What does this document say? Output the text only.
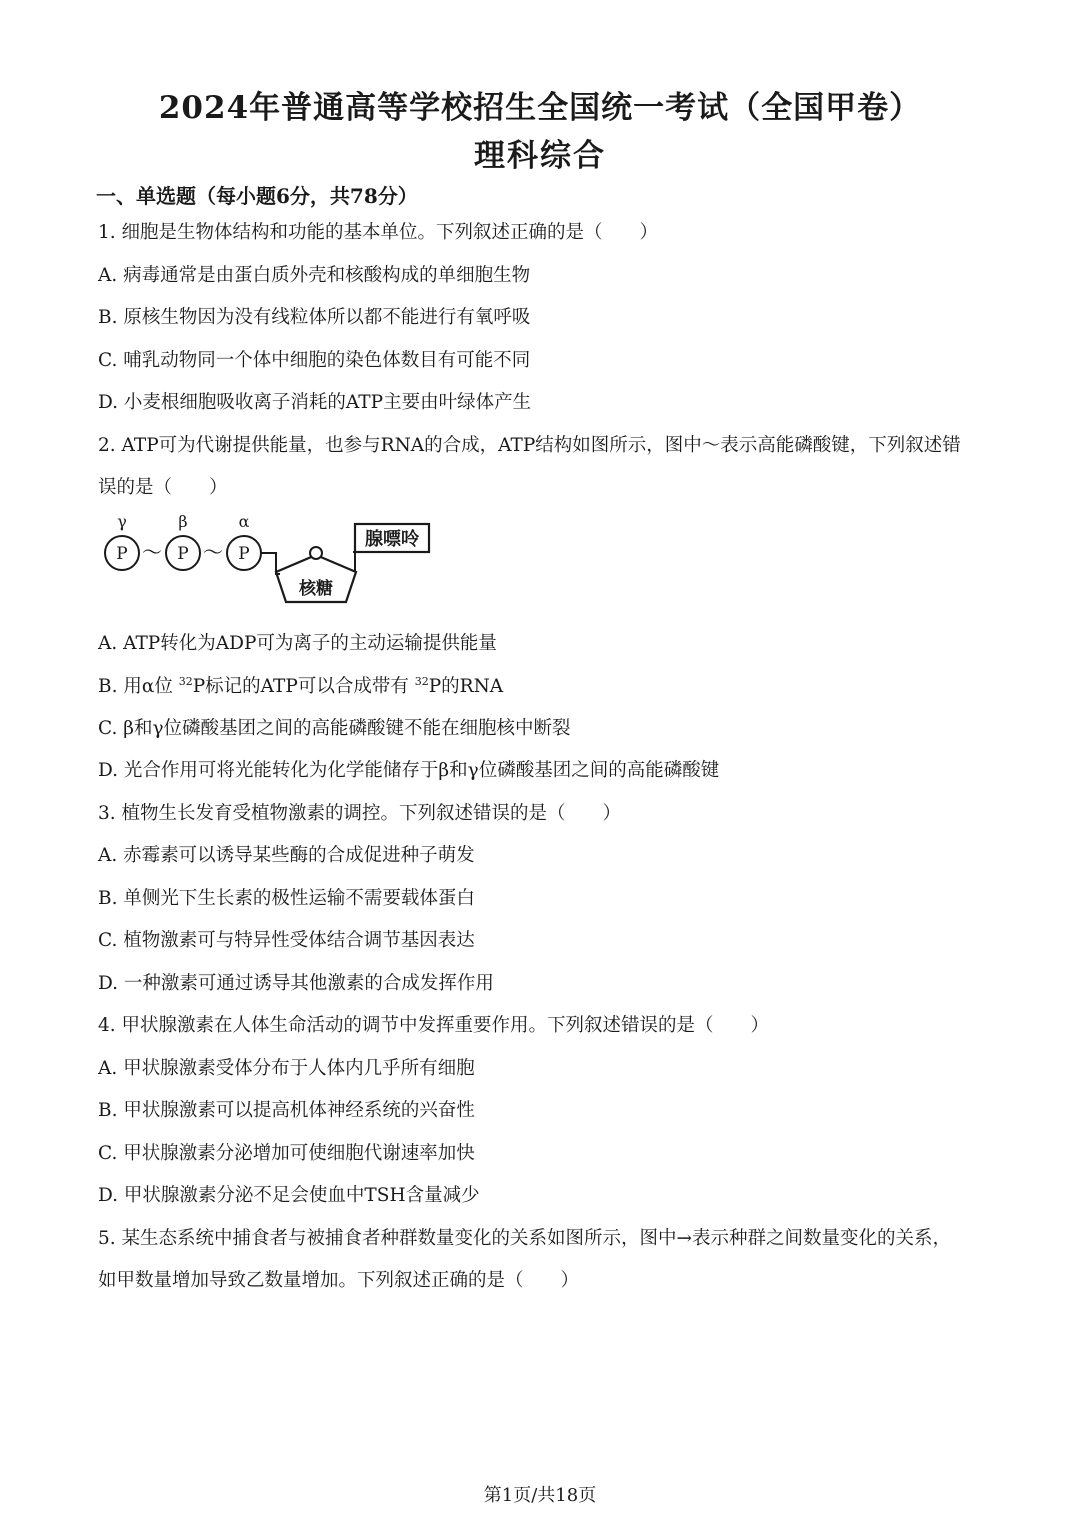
2024年普通高等学校招生全国统一考试（全国甲卷）
理科综合
一、单选题（每小题6分，共78分）
1. 细胞是生物体结构和功能的基本单位。下列叙述正确的是（　　）
A. 病毒通常是由蛋白质外壳和核酸构成的单细胞生物
B. 原核生物因为没有线粒体所以都不能进行有氧呼吸
C. 哺乳动物同一个体中细胞的染色体数目有可能不同
D. 小麦根细胞吸收离子消耗的ATP主要由叶绿体产生
2. ATP可为代谢提供能量，也参与RNA的合成，ATP结构如图所示，图中～表示高能磷酸键，下列叙述错
误的是（　　）
γ	β	α
P	P	P
～ ～
核糖
腺嘌呤
A. ATP转化为ADP可为离子的主动运输提供能量
B. 用α位 $^{32}$P标记的ATP可以合成带有 $^{32}$P的RNA
C. β和γ位磷酸基团之间的高能磷酸键不能在细胞核中断裂
D. 光合作用可将光能转化为化学能储存于β和γ位磷酸基团之间的高能磷酸键
3. 植物生长发育受植物激素的调控。下列叙述错误的是（　　）
A. 赤霉素可以诱导某些酶的合成促进种子萌发
B. 单侧光下生长素的极性运输不需要载体蛋白
C. 植物激素可与特异性受体结合调节基因表达
D. 一种激素可通过诱导其他激素的合成发挥作用
4. 甲状腺激素在人体生命活动的调节中发挥重要作用。下列叙述错误的是（　　）
A. 甲状腺激素受体分布于人体内几乎所有细胞
B. 甲状腺激素可以提高机体神经系统的兴奋性
C. 甲状腺激素分泌增加可使细胞代谢速率加快
D. 甲状腺激素分泌不足会使血中TSH含量减少
5. 某生态系统中捕食者与被捕食者种群数量变化的关系如图所示，图中→表示种群之间数量变化的关系，
如甲数量增加导致乙数量增加。下列叙述正确的是（　　）
第1页/共18页
